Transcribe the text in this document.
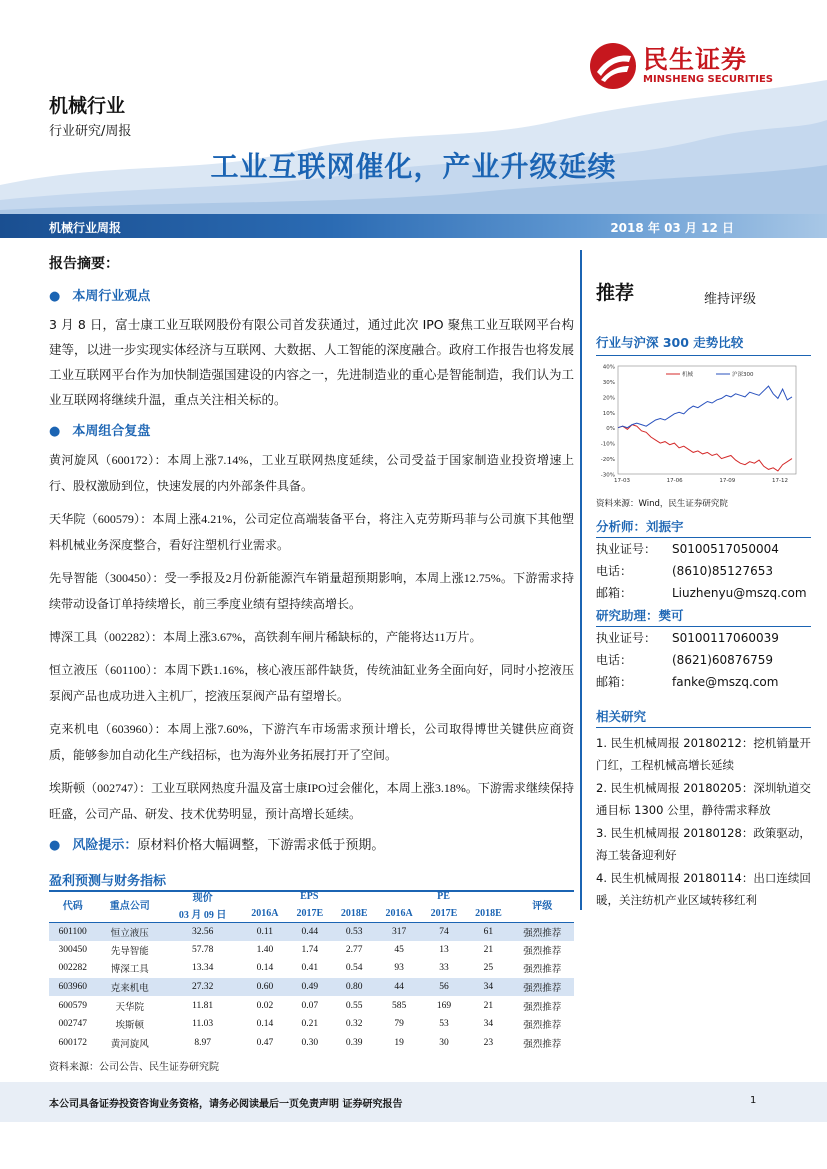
机械行业
行业研究/周报
工业互联网催化，产业升级延续
民生证券
MINSHENG SECURITIES
机械行业周报	2018 年 03 月 12 日
报告摘要：
● 本周行业观点
3 月 8 日，富士康工业互联网股份有限公司首发获通过，通过此次 IPO 聚焦工业互联网平台构建等，以进一步实现实体经济与互联网、大数据、人工智能的深度融合。政府工作报告也将发展工业互联网平台作为加快制造强国建设的内容之一，先进制造业的重心是智能制造，我们认为工业互联网将继续升温，重点关注相关标的。
● 本周组合复盘
黄河旋风（600172）：本周上涨7.14%，工业互联网热度延续，公司受益于国家制造业投资增速上行、股权激励到位，快速发展的内外部条件具备。
天华院（600579）：本周上涨4.21%，公司定位高端装备平台，将注入克劳斯玛菲与公司旗下其他塑料机械业务深度整合，看好注塑机行业需求。
先导智能（300450）：受一季报及2月份新能源汽车销量超预期影响，本周上涨12.75%。下游需求持续带动设备订单持续增长，前三季度业绩有望持续高增长。
博深工具（002282）：本周上涨3.67%，高铁刹车闸片稀缺标的，产能将达11万片。
恒立液压（601100）：本周下跌1.16%，核心液压部件缺货，传统油缸业务全面向好，同时小挖液压泵阀产品也成功进入主机厂，挖液压泵阀产品有望增长。
克来机电（603960）：本周上涨7.60%，下游汽车市场需求预计增长，公司取得博世关键供应商资质，能够参加自动化生产线招标，也为海外业务拓展打开了空间。
埃斯顿（002747）：工业互联网热度升温及富士康IPO过会催化，本周上涨3.18%。下游需求继续保持旺盛，公司产品、研发、技术优势明显，预计高增长延续。
● 风险提示：原材料价格大幅调整，下游需求低于预期。
盈利预测与财务指标
代码	重点公司	现价	EPS			PE			评级
		03 月 09 日	2016A	2017E	2018E	2016A	2017E	2018E	
601100	恒立液压	32.56	0.11	0.44	0.53	317	74	61	强烈推荐
300450	先导智能	57.78	1.40	1.74	2.77	45	13	21	强烈推荐
002282	博深工具	13.34	0.14	0.41	0.54	93	33	25	强烈推荐
603960	克来机电	27.32	0.60	0.49	0.80	44	56	34	强烈推荐
600579	天华院	11.81	0.02	0.07	0.55	585	169	21	强烈推荐
002747	埃斯顿	11.03	0.14	0.21	0.32	79	53	34	强烈推荐
600172	黄河旋风	8.97	0.47	0.30	0.39	19	30	23	强烈推荐
资料来源：公司公告、民生证券研究院
推荐	维持评级
行业与沪深 300 走势比较
40%
30%
20%
10%
0%
-10%
-20%
-30%
17-03	17-06	17-09	17-12
机械	沪深300
资料来源：Wind，民生证券研究院
分析师：刘振宇
执业证号：	S0100517050004
电话：	(8610)85127653
邮箱：	Liuzhenyu@mszq.com
研究助理：樊可
执业证号：	S0100117060039
电话：	(8621)60876759
邮箱：	fanke@mszq.com
相关研究
1. 民生机械周报 20180212：挖机销量开门红，工程机械高增长延续
2. 民生机械周报 20180205：深圳轨道交通目标 1300 公里，静待需求释放
3. 民生机械周报 20180128：政策驱动，海工装备迎利好
4. 民生机械周报 20180114：出口连续回暖，关注纺机产业区域转移红利
本公司具备证券投资咨询业务资格，请务必阅读最后一页免责声明 证券研究报告	1
